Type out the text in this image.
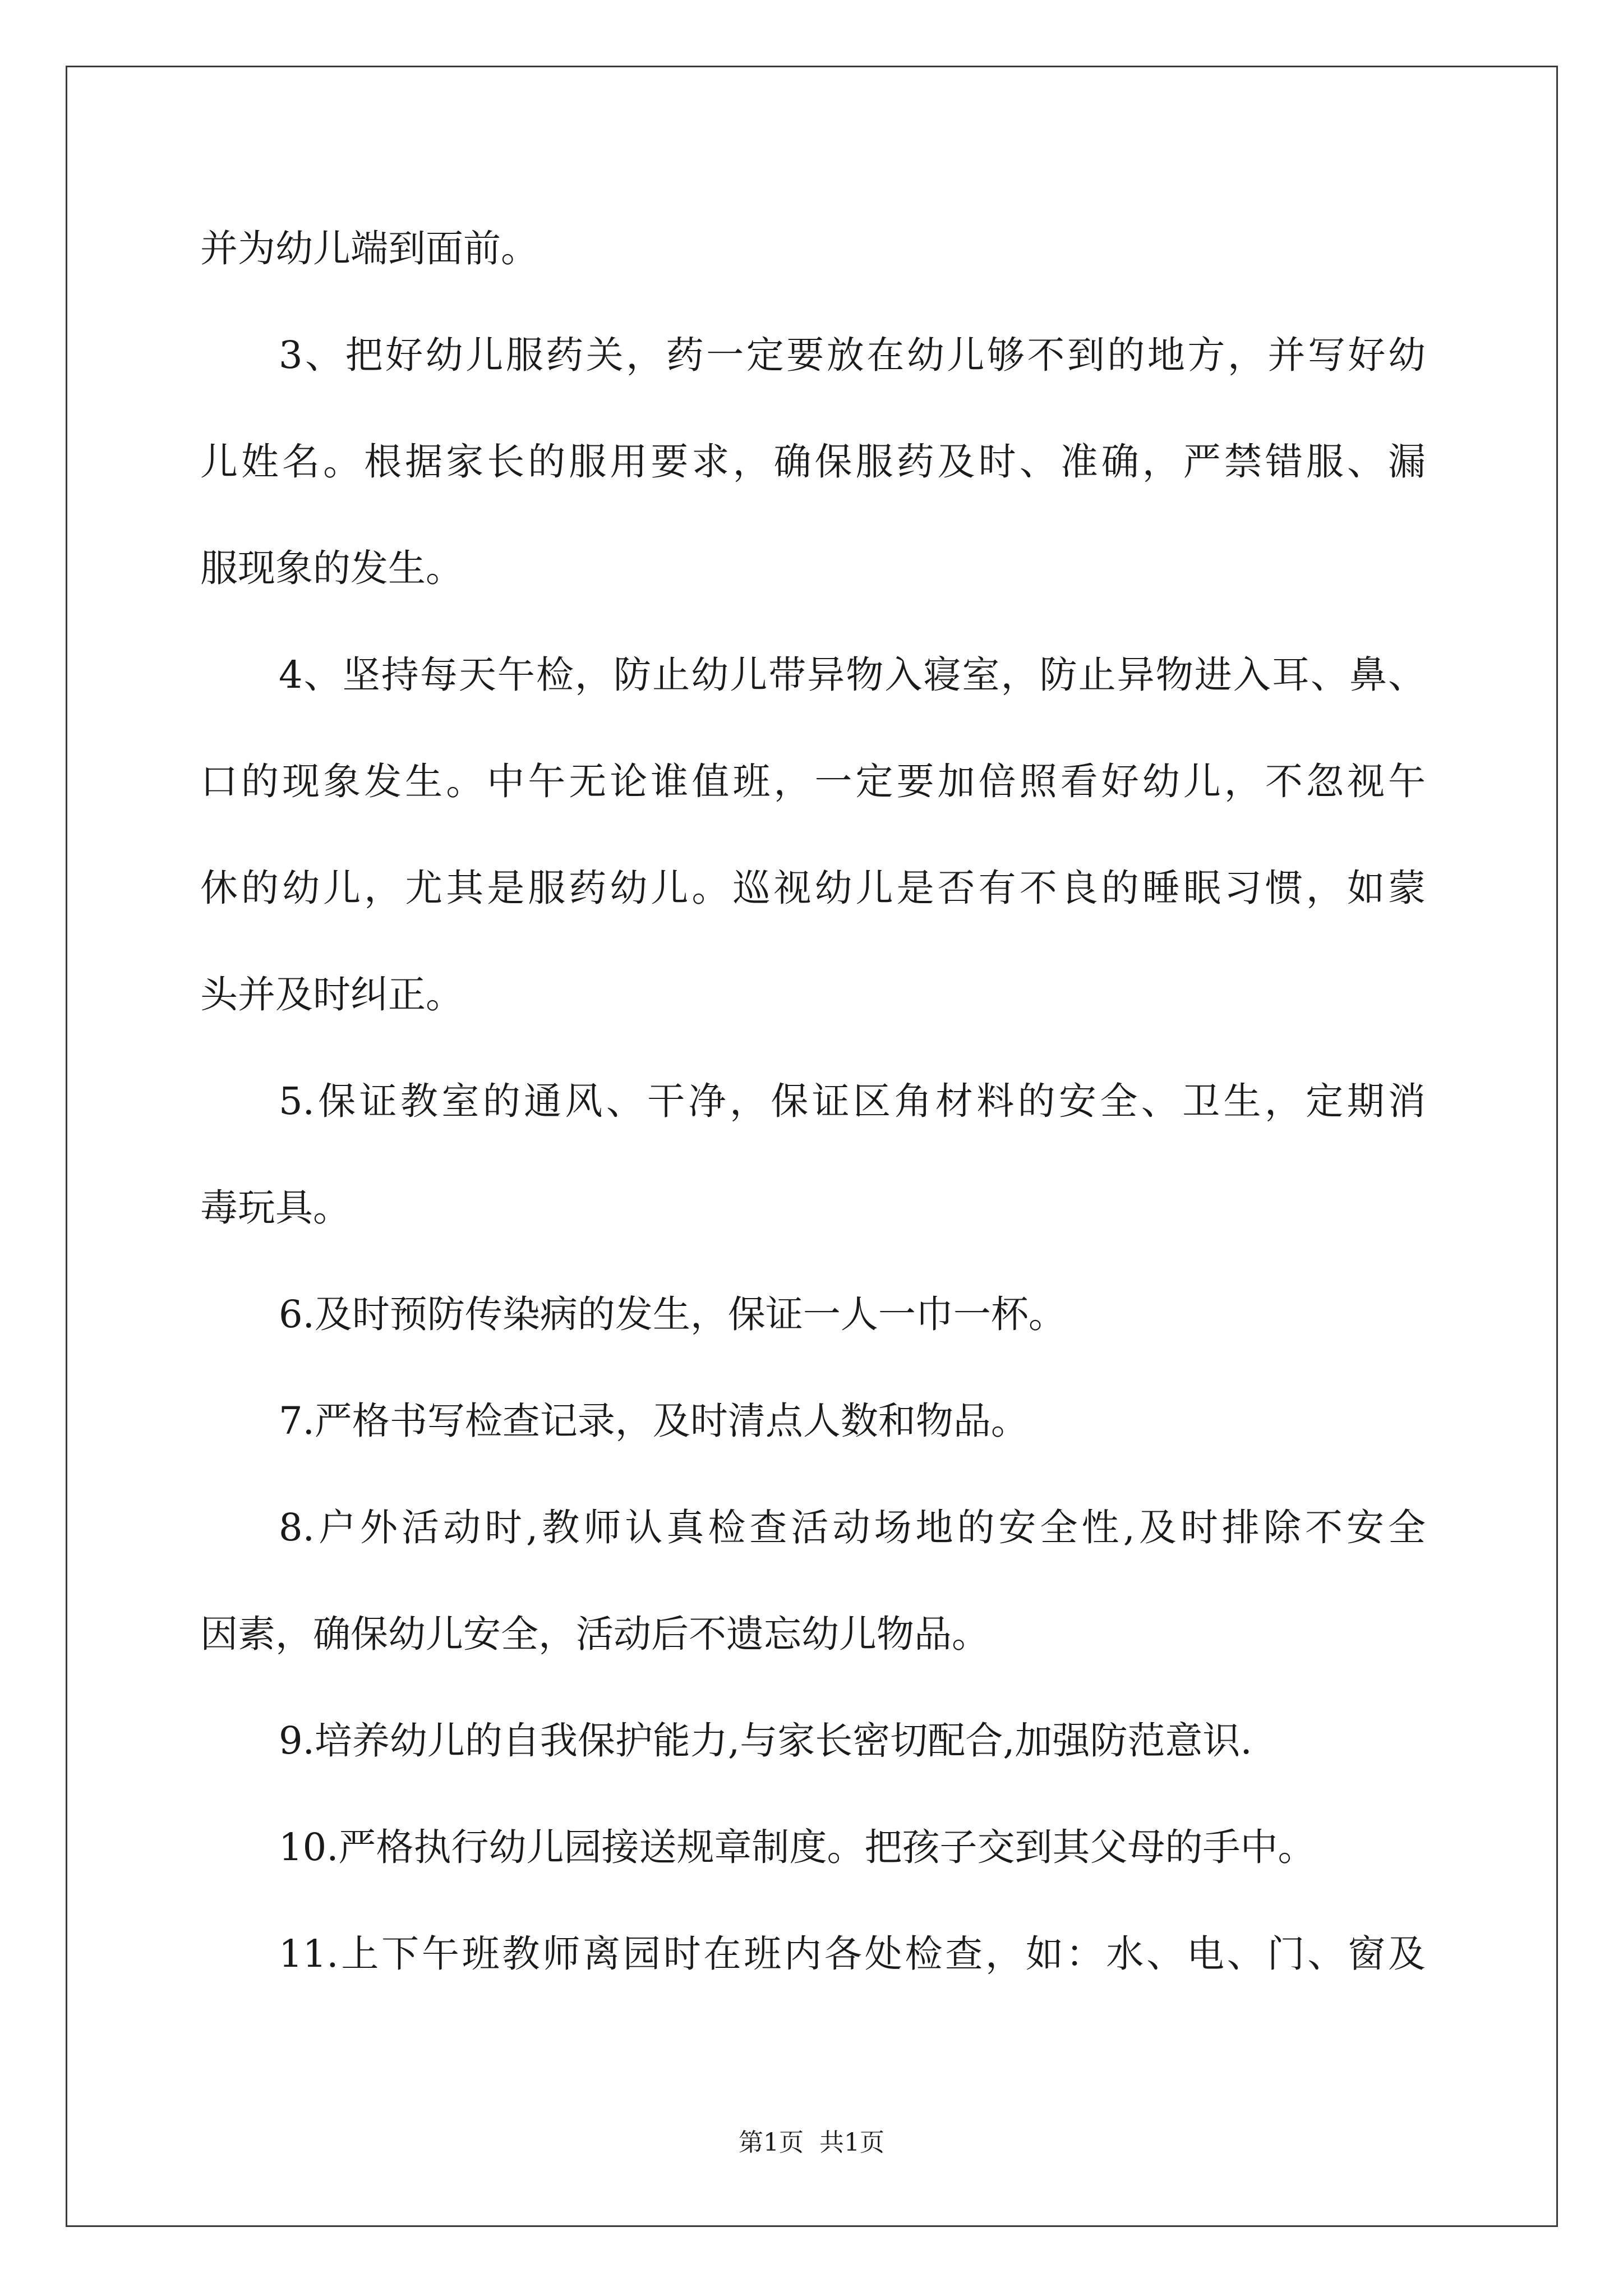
并为幼儿端到面前。
3、把好幼儿服药关，药一定要放在幼儿够不到的地方，并写好幼
儿姓名。根据家长的服用要求，确保服药及时、准确，严禁错服、漏
服现象的发生。
4、坚持每天午检，防止幼儿带异物入寝室，防止异物进入耳、鼻、
口的现象发生。中午无论谁值班，一定要加倍照看好幼儿，不忽视午
休的幼儿，尤其是服药幼儿。巡视幼儿是否有不良的睡眠习惯，如蒙
头并及时纠正。
5.保证教室的通风、干净，保证区角材料的安全、卫生，定期消
毒玩具。
6.及时预防传染病的发生，保证一人一巾一杯。
7.严格书写检查记录，及时清点人数和物品。
8.户外活动时,教师认真检查活动场地的安全性,及时排除不安全
因素，确保幼儿安全，活动后不遗忘幼儿物品。
9.培养幼儿的自我保护能力,与家长密切配合,加强防范意识.
10.严格执行幼儿园接送规章制度。把孩子交到其父母的手中。
11.上下午班教师离园时在班内各处检查，如：水、电、门、窗及
第1页  共1页
